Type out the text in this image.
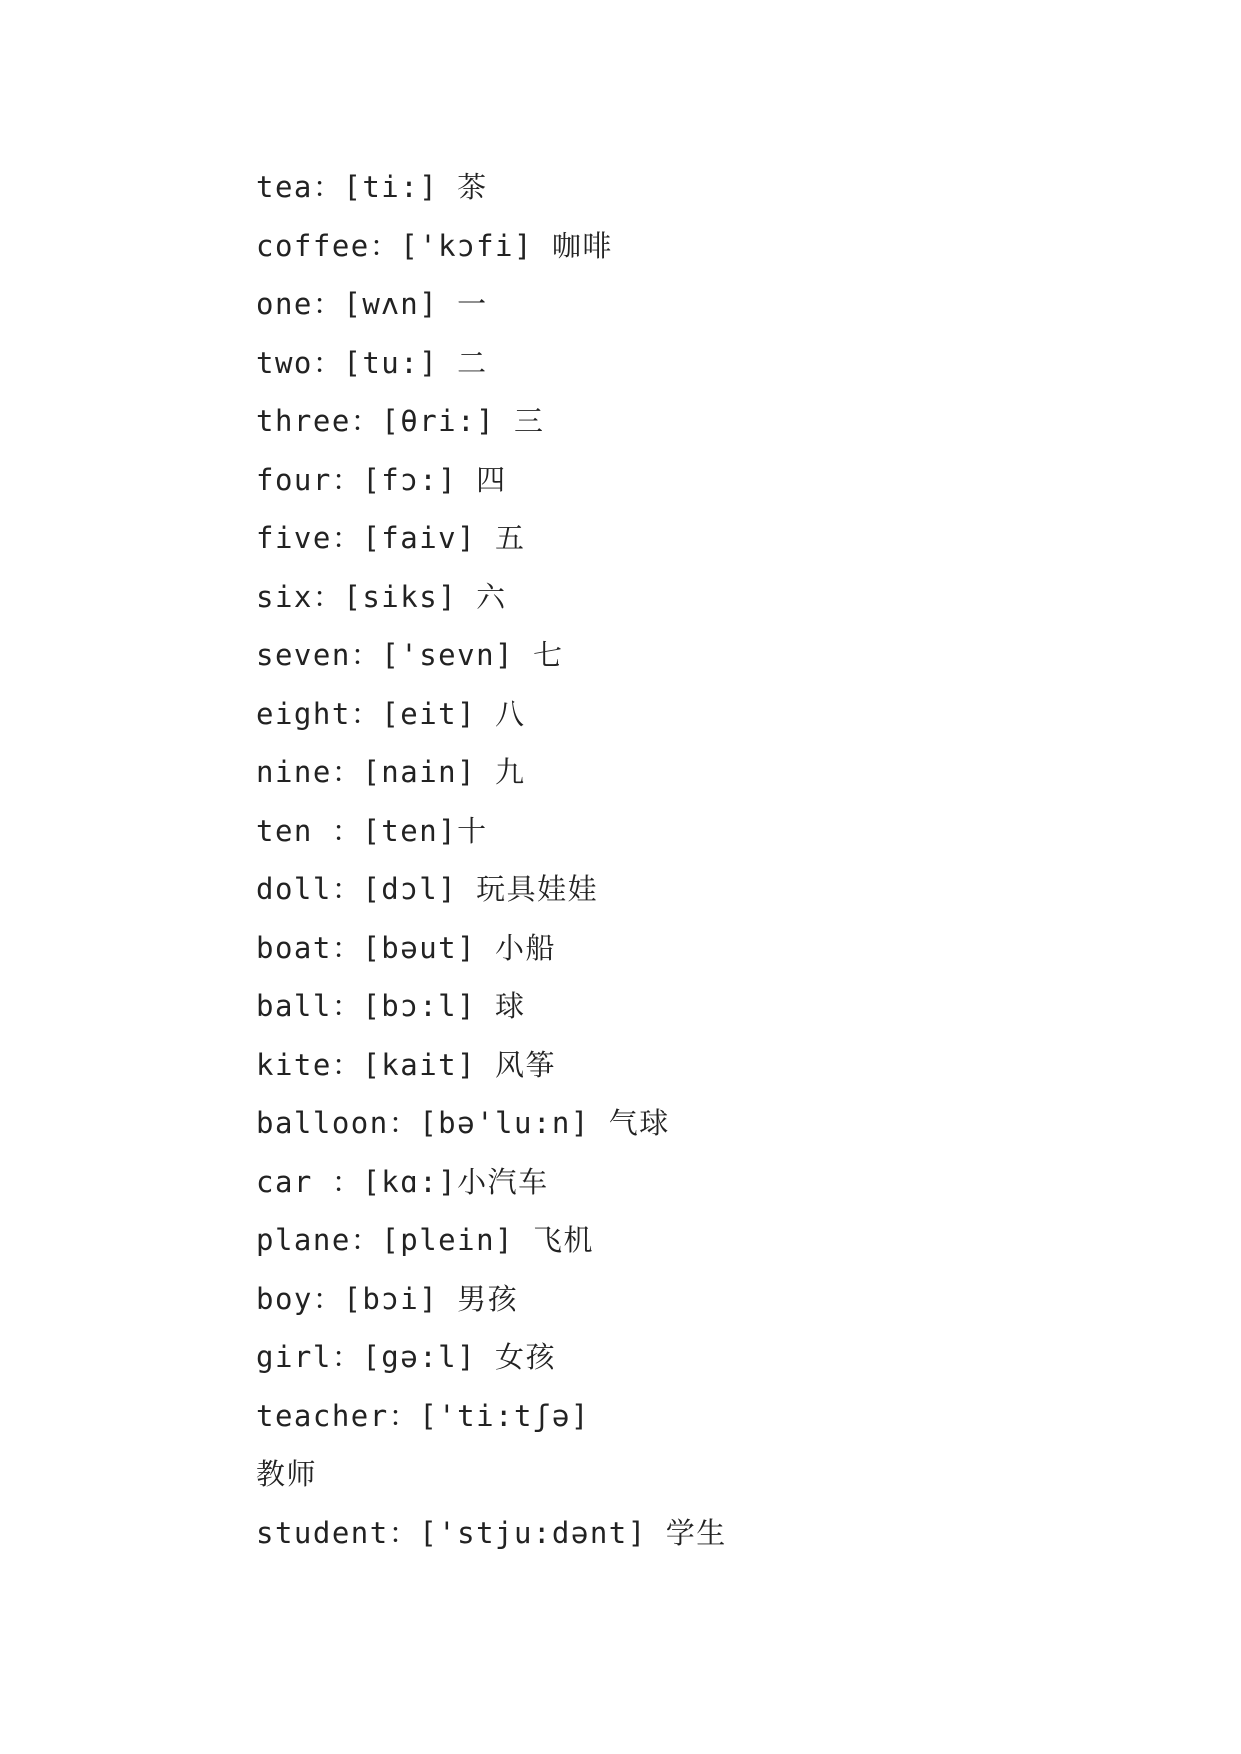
tea：[ti:] 茶
coffee：['kɔfi] 咖啡
one：[wʌn] 一
two：[tu:] 二
three：[θri:] 三
four：[fɔ:] 四
five：[faiv] 五
six：[siks] 六
seven：['sevn] 七
eight：[eit] 八
nine：[nain] 九
ten ：[ten]十
doll：[dɔl] 玩具娃娃
boat：[bəut] 小船
ball：[bɔ:l] 球
kite：[kait] 风筝
balloon：[bə'lu:n] 气球
car ：[kɑ:]小汽车
plane：[plein] 飞机
boy：[bɔi] 男孩
girl：[gə:l] 女孩
teacher：['ti:tʃə]
教师
student：['stju:dənt] 学生
